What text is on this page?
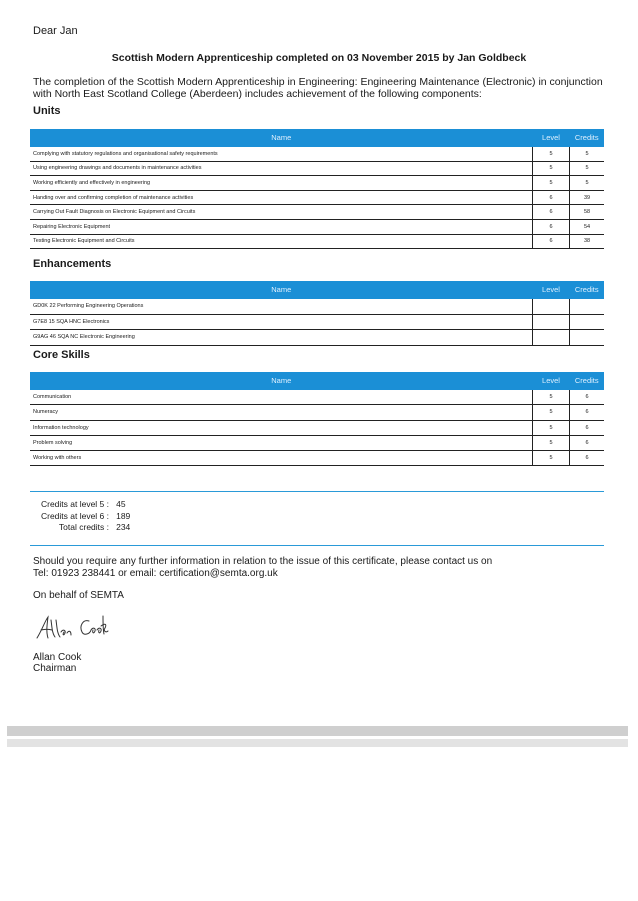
Dear Jan
Scottish Modern Apprenticeship completed on 03 November 2015 by Jan Goldbeck
The completion of the Scottish Modern Apprenticeship in Engineering: Engineering Maintenance (Electronic) in conjunction with North East Scotland College (Aberdeen) includes achievement of the following components:
Units
Name	Level	Credits
Complying with statutory regulations and organisational safety requirements	5	5
Using engineering drawings and documents in maintenance activities	5	5
Working efficiently and effectively in engineering	5	5
Handing over and confirming completion of maintenance activities	6	39
Carrying Out Fault Diagnosis on Electronic Equipment and Circuits	6	58
Repairing Electronic Equipment	6	54
Testing Electronic Equipment and Circuits	6	38
Enhancements
Name	Level	Credits
GD0K 22 Performing Engineering Operations		
G7E8 15 SQA HNC Electronics		
G9AG 46 SQA NC Electronic Engineering		
Core Skills
Name	Level	Credits
Communication	5	6
Numeracy	5	6
Information technology	5	6
Problem solving	5	6
Working with others	5	6
Credits at level 5 : 45
Credits at level 6 : 189
Total credits : 234
Should you require any further information in relation to the issue of this certificate, please contact us on
Tel: 01923 238441 or email: certification@semta.org.uk
On behalf of SEMTA
Allan Cook
Chairman
